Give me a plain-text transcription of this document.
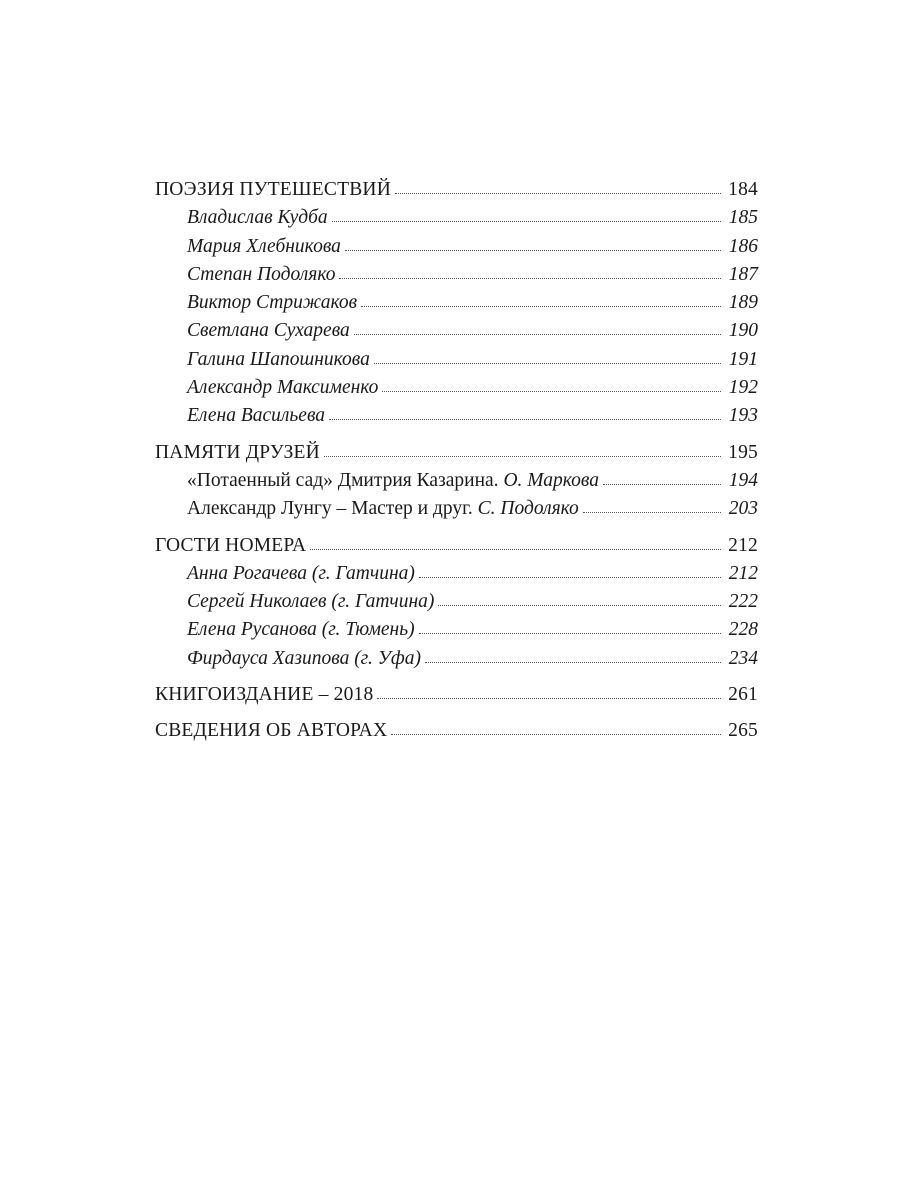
ПОЭЗИЯ ПУТЕШЕСТВИЙ	184
Владислав Кудба	185
Мария Хлебникова	186
Степан Подоляко	187
Виктор Стрижаков	189
Светлана Сухарева	190
Галина Шапошникова	191
Александр Максименко	192
Елена Васильева	193
ПАМЯТИ ДРУЗЕЙ	195
«Потаенный сад» Дмитрия Казарина. О. Маркова	194
Александр Лунгу – Мастер и друг. С. Подоляко	203
ГОСТИ НОМЕРА	212
Анна Рогачева (г. Гатчина)	212
Сергей Николаев (г. Гатчина)	222
Елена Русанова (г. Тюмень)	228
Фирдауса Хазипова (г. Уфа)	234
КНИГОИЗДАНИЕ – 2018	261
СВЕДЕНИЯ ОБ АВТОРАХ	265
